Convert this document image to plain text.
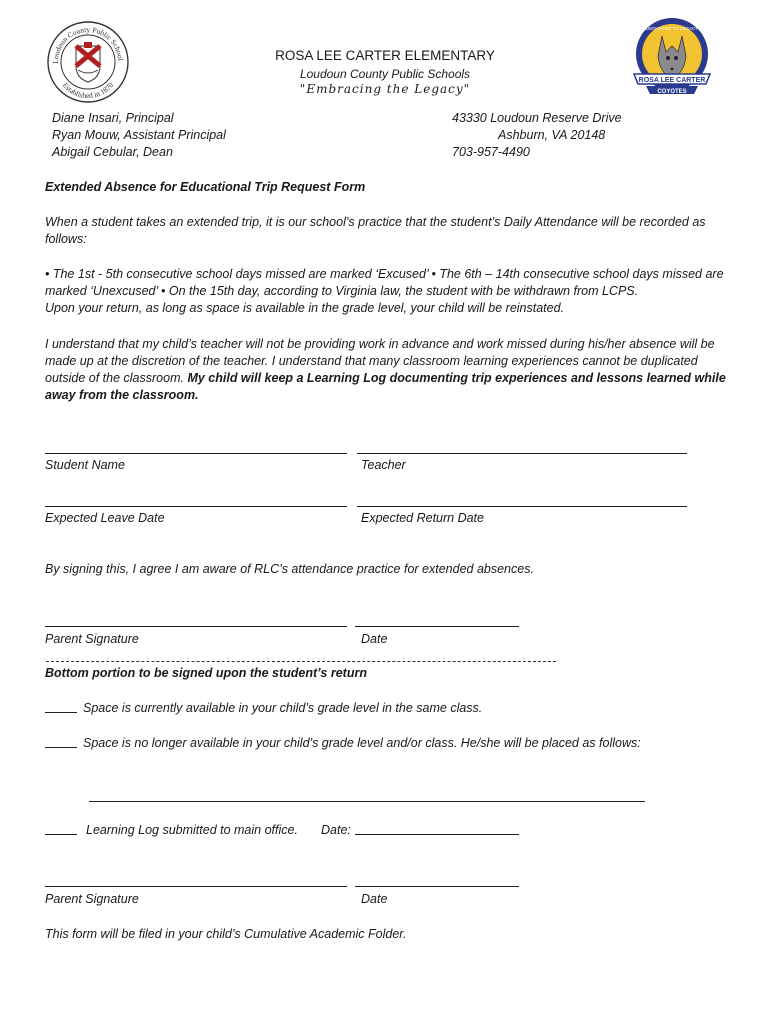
Loudoun County Public School
Established in 1870
ROSA LEE CARTER
COYOTES
DEDICATED TO LEGACY
ROSA LEE CARTER ELEMENTARY
Loudoun County Public Schools
"Embracing the Legacy"
Diane Insari, Principal
Ryan Mouw, Assistant Principal
Abigail Cebular, Dean
43330 Loudoun Reserve Drive
Ashburn, VA 20148
703-957-4490
Extended Absence for Educational Trip Request Form
When a student takes an extended trip, it is our school’s practice that the student’s Daily Attendance will be recorded as follows:
• The 1st - 5th consecutive school days missed are marked ‘Excused’ • The 6th – 14th consecutive school days missed are marked ‘Unexcused’ • On the 15th day, according to Virginia law, the student with be withdrawn from LCPS.
Upon your return, as long as space is available in the grade level, your child will be reinstated.
I understand that my child’s teacher will not be providing work in advance and work missed during his/her absence will be made up at the discretion of the teacher. I understand that many classroom learning experiences cannot be duplicated outside of the classroom. My child will keep a Learning Log documenting trip experiences and lessons learned while away from the classroom.
Student Name	Teacher
Expected Leave Date	Expected Return Date
By signing this, I agree I am aware of RLC’s attendance practice for extended absences.
Parent Signature	Date
Bottom portion to be signed upon the student’s return
Space is currently available in your child’s grade level in the same class.
Space is no longer available in your child’s grade level and/or class. He/she will be placed as follows:
Learning Log submitted to main office. Date:
Parent Signature	Date
This form will be filed in your child’s Cumulative Academic Folder.
